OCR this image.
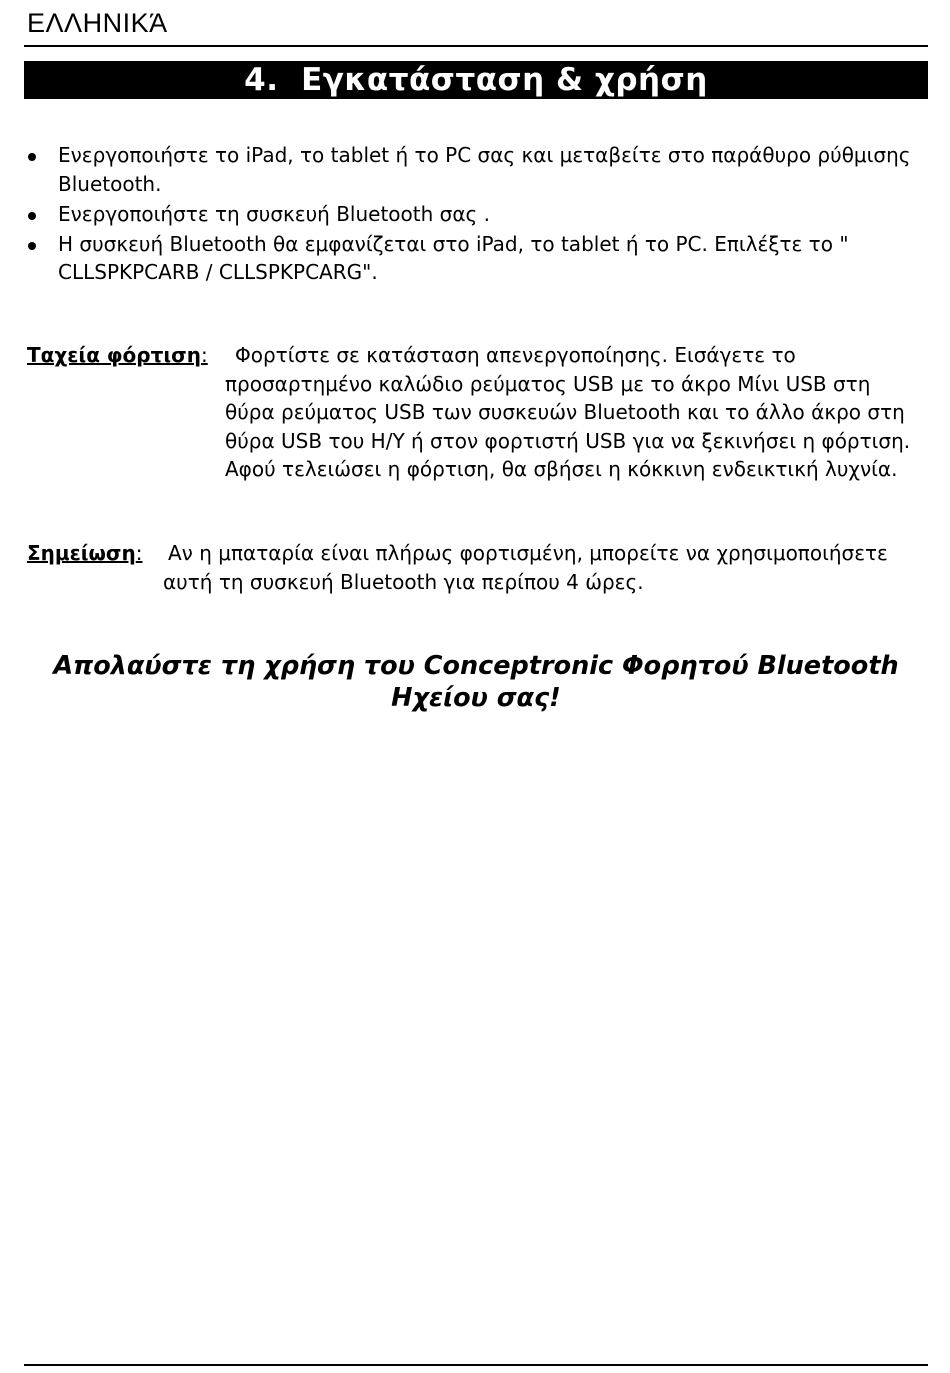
ΕΛΛΗΝΙΚΆ
4.  Εγκατάσταση & χρήση
Ενεργοποιήστε το iPad, το tablet ή το PC σας και μεταβείτε στο παράθυρο ρύθμισης Bluetooth.
Ενεργοποιήστε τη συσκευή Bluetooth σας .
Η συσκευή Bluetooth θα εμφανίζεται στο iPad, το tablet ή το PC. Επιλέξτε το " CLLSPKPCARB / CLLSPKPCARG".
Ταχεία φόρτιση:	Φορτίστε σε κατάσταση απενεργοποίησης. Εισάγετε το προσαρτημένο καλώδιο ρεύματος USB με το άκρο Μίνι USB στη θύρα ρεύματος USB των συσκευών Bluetooth και το άλλο άκρο στη θύρα USB του Η/Υ ή στον φορτιστή USB για να ξεκινήσει η φόρτιση. Αφού τελειώσει η φόρτιση, θα σβήσει η κόκκινη ενδεικτική λυχνία.
Σημείωση: Αν η μπαταρία είναι πλήρως φορτισμένη, μπορείτε να χρησιμοποιήσετε αυτή τη συσκευή Bluetooth για περίπου 4 ώρες.
Απολαύστε τη χρήση του Conceptronic Φορητού Bluetooth Ηχείου σας!
